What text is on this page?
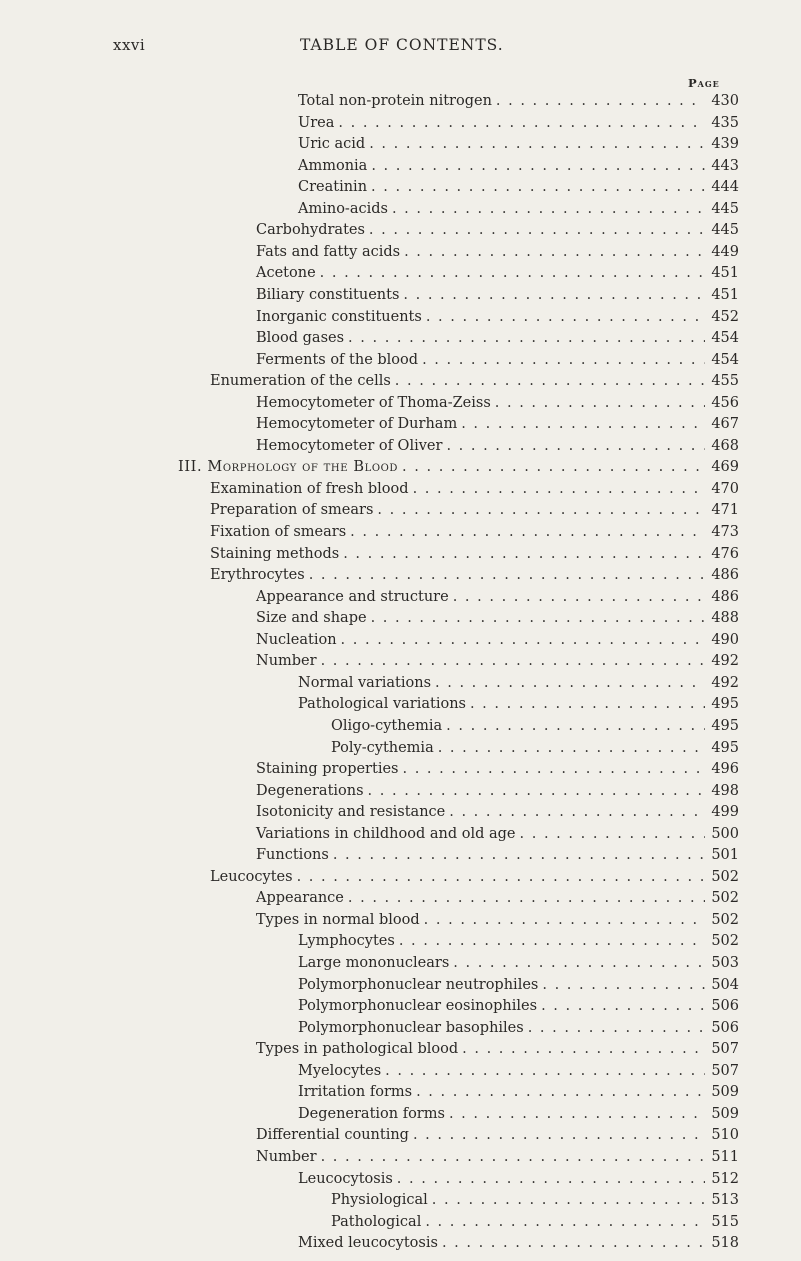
xxvi	TABLE OF CONTENTS.
Page
Total non-protein nitrogen . . .	430
Urea . . .	435
Uric acid . . .	439
Ammonia . . .	443
Creatinin . . .	444
Amino-acids . . .	445
Carbohydrates . . .	445
Fats and fatty acids . . .	449
Acetone . . .	451
Biliary constituents . . .	451
Inorganic constituents . . .	452
Blood gases . . .	454
Ferments of the blood . . .	454
Enumeration of the cells . . .	455
Hemocytometer of Thoma-Zeiss . . .	456
Hemocytometer of Durham . . .	467
Hemocytometer of Oliver . . .	468
III. Morphology of the Blood . . .	469
Examination of fresh blood . . .	470
Preparation of smears . . .	471
Fixation of smears . . .	473
Staining methods . . .	476
Erythrocytes . . .	486
Appearance and structure . . .	486
Size and shape . . .	488
Nucleation . . .	490
Number . . .	492
Normal variations . . .	492
Pathological variations . . .	495
Oligo-cythemia . . .	495
Poly-cythemia . . .	495
Staining properties . . .	496
Degenerations . . .	498
Isotonicity and resistance . . .	499
Variations in childhood and old age . . .	500
Functions . . .	501
Leucocytes . . .	502
Appearance . . .	502
Types in normal blood . . .	502
Lymphocytes . . .	502
Large mononuclears . . .	503
Polymorphonuclear neutrophiles . . .	504
Polymorphonuclear eosinophiles . . .	506
Polymorphonuclear basophiles . . .	506
Types in pathological blood . . .	507
Myelocytes . . .	507
Irritation forms . . .	509
Degeneration forms . . .	509
Differential counting . . .	510
Number . . .	511
Leucocytosis . . .	512
Physiological . . .	513
Pathological . . .	515
Mixed leucocytosis . . .	518
